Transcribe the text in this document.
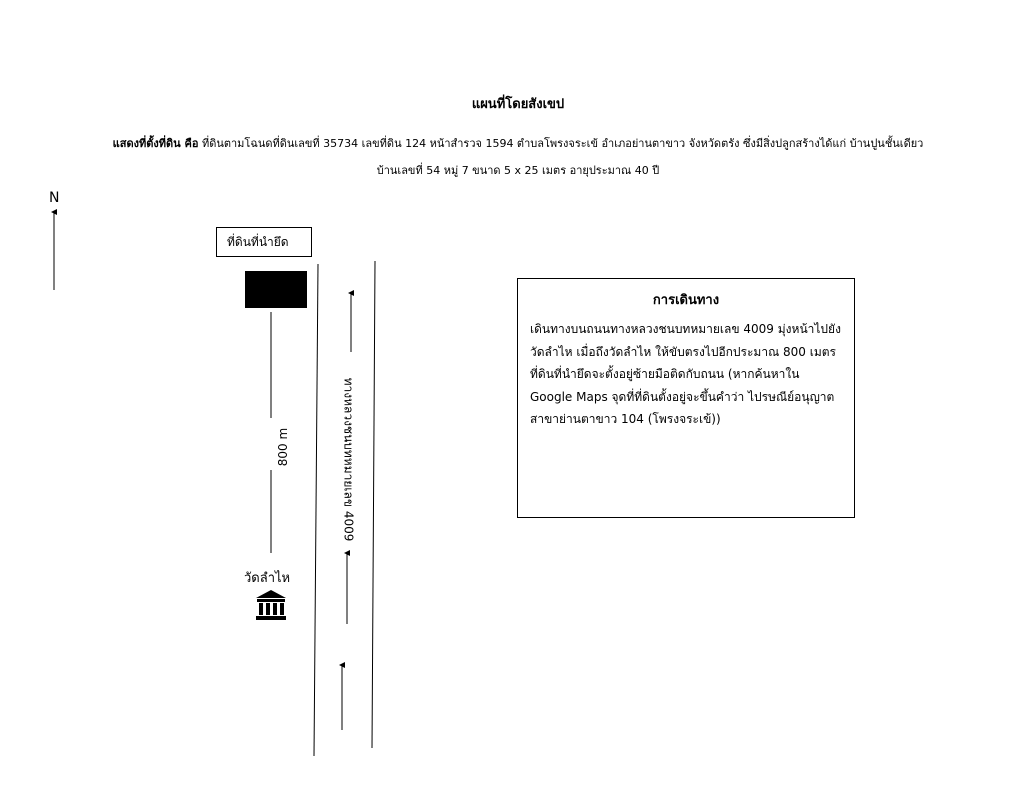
แผนที่โดยสังเขป
แสดงที่ตั้งที่ดิน คือ ที่ดินตามโฉนดที่ดินเลขที่ 35734 เลขที่ดิน 124 หน้าสำรวจ 1594 ตำบลโพรงจระเข้ อำเภอย่านตาขาว จังหวัดตรัง ซึ่งมีสิ่งปลูกสร้างได้แก่ บ้านปูนชั้นเดียว
บ้านเลขที่ 54 หมู่ 7 ขนาด 5 x 25 เมตร อายุประมาณ 40 ปี
N
ที่ดินที่นำยึด
800 m	ทางหลวงชนบทหมายเลข 4009
วัดลำไห
การเดินทาง
เดินทางบนถนนทางหลวงชนบทหมายเลข 4009 มุ่งหน้าไปยังวัดลำไห เมื่อถึงวัดลำไห ให้ขับตรงไปอีกประมาณ 800 เมตร ที่ดินที่นำยึดจะตั้งอยู่ซ้ายมือติดกับถนน (หากค้นหาใน Google Maps จุดที่ที่ดินตั้งอยู่จะขึ้นคำว่า ไปรษณีย์อนุญาต สาขาย่านตาขาว 104 (โพรงจระเข้))
